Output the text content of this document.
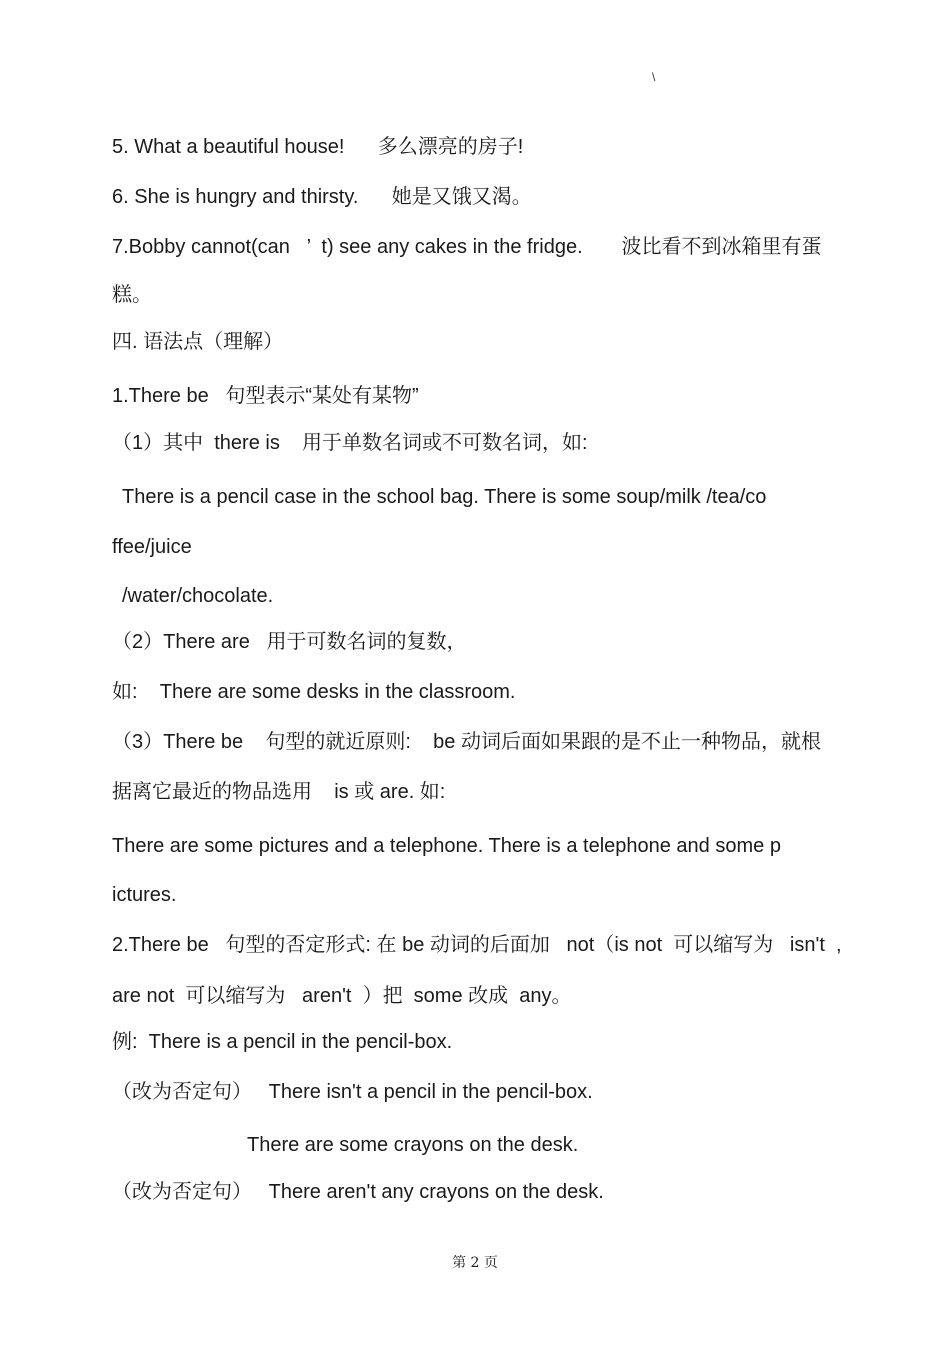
\
5. What a beautiful house!      多么漂亮的房子!
6. She is hungry and thirsty.      她是又饿又渴。
7.Bobby cannot(can   ’  t) see any cakes in the fridge.       波比看不到冰箱里有蛋
糕。
四. 语法点（理解）
1.There be   句型表示“某处有某物”
（1）其中  there is    用于单数名词或不可数名词，如:
There is a pencil case in the school bag. There is some soup/milk /tea/co
ffee/juice
/water/chocolate.
（2）There are   用于可数名词的复数，
如:    There are some desks in the classroom.
（3）There be    句型的就近原则:    be 动词后面如果跟的是不止一种物品，就根
据离它最近的物品选用    is 或 are. 如:
There are some pictures and a telephone. There is a telephone and some p
ictures.
2.There be   句型的否定形式: 在 be 动词的后面加   not（is not  可以缩写为   isn't  ,
are not  可以缩写为   aren't  ）把  some 改成  any。
例:  There is a pencil in the pencil-box.
（改为否定句）   There isn't a pencil in the pencil-box.
There are some crayons on the desk.
（改为否定句）   There aren't any crayons on the desk.
第 2 页
